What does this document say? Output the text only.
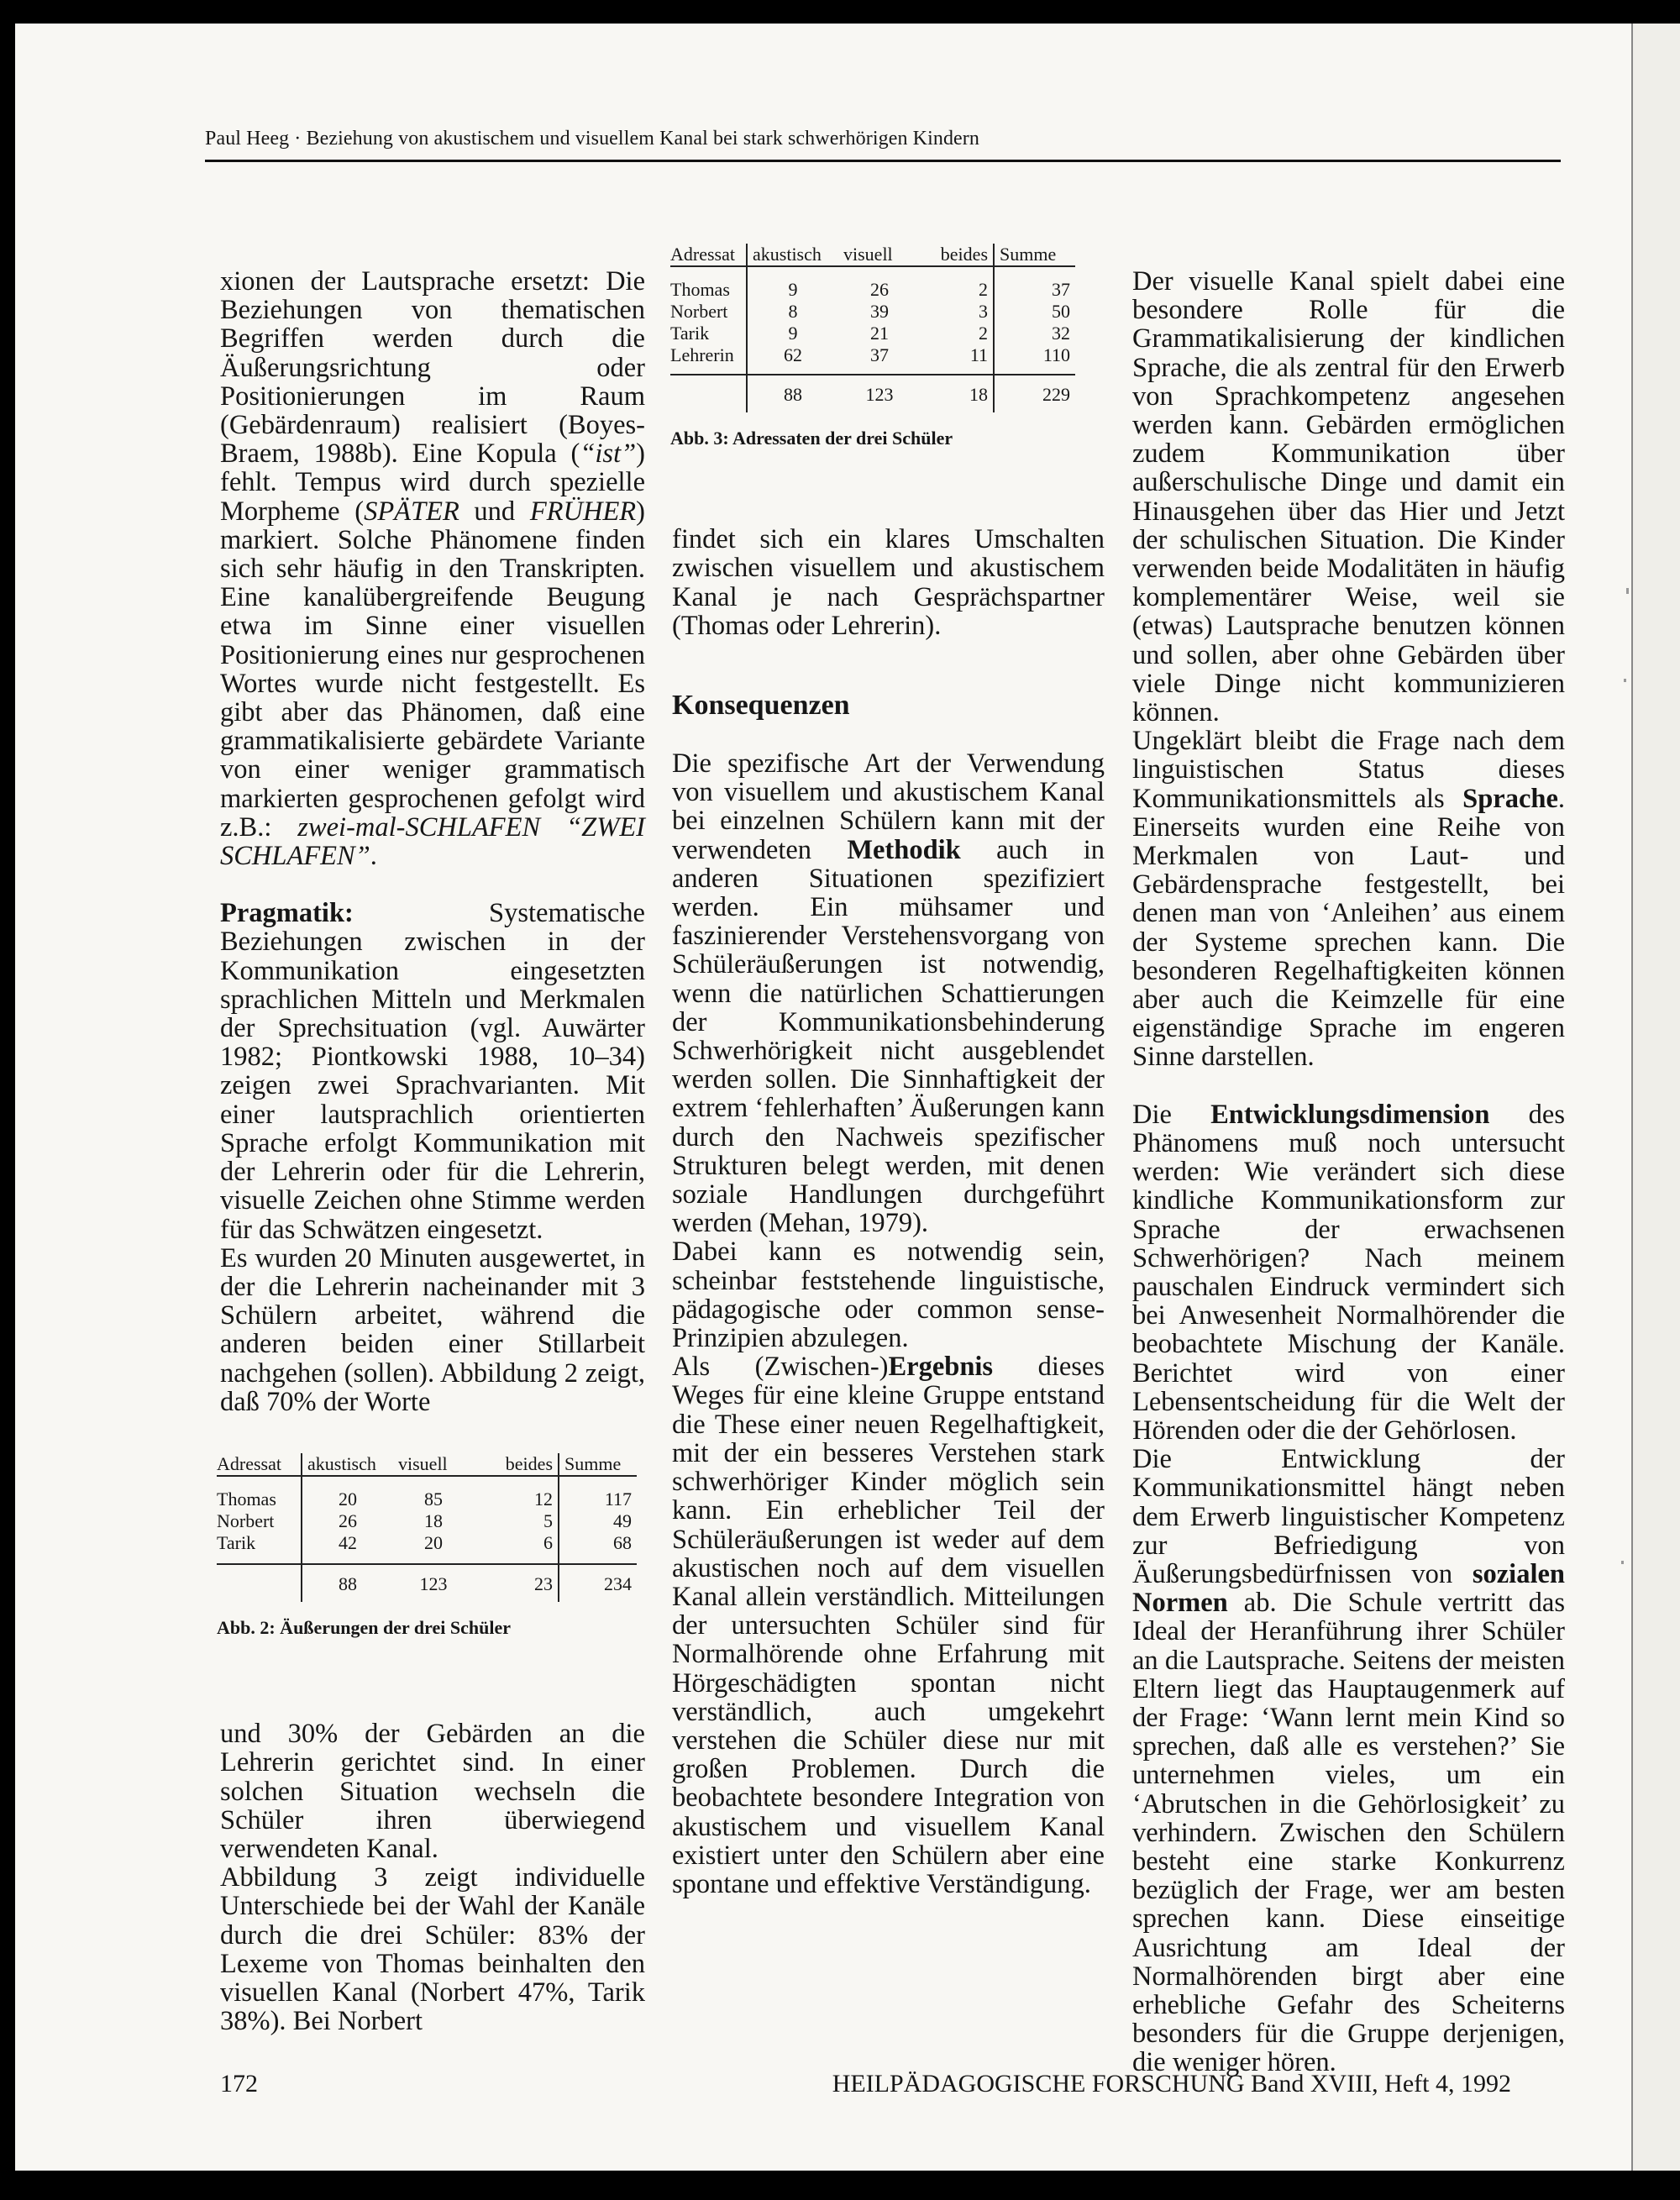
Paul Heeg · Beziehung von akustischem und visuellem Kanal bei stark schwerhörigen Kindern

xionen der Lautsprache ersetzt: Die Beziehungen von thematischen Begriffen werden durch die Äußerungsrichtung oder Positionierungen im Raum (Gebärdenraum) realisiert (Boyes-Braem, 1988b). Eine Kopula (“ist”) fehlt. Tempus wird durch spezielle Morpheme (SPÄTER und FRÜHER) markiert. Solche Phänomene finden sich sehr häufig in den Transkripten. Eine kanalübergreifende Beugung etwa im Sinne einer visuellen Positionierung eines nur gesprochenen Wortes wurde nicht festgestellt. Es gibt aber das Phänomen, daß eine grammatikalisierte gebärdete Variante von einer weniger grammatisch markierten gesprochenen gefolgt wird z.B.: zwei-mal-SCHLAFEN “ZWEI SCHLAFEN”.

Pragmatik: Systematische Beziehungen zwischen in der Kommunikation eingesetzten sprachlichen Mitteln und Merkmalen der Sprechsituation (vgl. Auwärter 1982; Piontkowski 1988, 10–34) zeigen zwei Sprachvarianten. Mit einer lautsprachlich orientierten Sprache erfolgt Kommunikation mit der Lehrerin oder für die Lehrerin, visuelle Zeichen ohne Stimme werden für das Schwätzen eingesetzt.

Es wurden 20 Minuten ausgewertet, in der die Lehrerin nacheinander mit 3 Schülern arbeitet, während die anderen beiden einer Stillarbeit nachgehen (sollen). Abbildung 2 zeigt, daß 70% der Worte

Adressat	akustisch	visuell	beides	Summe

Thomas	20	85	12	117
Norbert	26	18	5	49
Tarik	42	20	6	68

	88	123	23	234

Abb. 2: Äußerungen der drei Schüler

und 30% der Gebärden an die Lehrerin gerichtet sind. In einer solchen Situation wechseln die Schüler ihren überwiegend verwendeten Kanal.

Abbildung 3 zeigt individuelle Unterschiede bei der Wahl der Kanäle durch die drei Schüler: 83% der Lexeme von Thomas beinhalten den visuellen Kanal (Norbert 47%, Tarik 38%). Bei Norbert

Adressat	akustisch	visuell	beides	Summe

Thomas	9	26	2	37
Norbert	8	39	3	50
Tarik	9	21	2	32
Lehrerin	62	37	11	110

	88	123	18	229

Abb. 3: Adressaten der drei Schüler

findet sich ein klares Umschalten zwischen visuellem und akustischem Kanal je nach Gesprächspartner (Thomas oder Lehrerin).

Konsequenzen

Die spezifische Art der Verwendung von visuellem und akustischem Kanal bei einzelnen Schülern kann mit der verwendeten Methodik auch in anderen Situationen spezifiziert werden. Ein mühsamer und faszinierender Verstehensvorgang von Schüleräußerungen ist notwendig, wenn die natürlichen Schattierungen der Kommunikationsbehinderung Schwerhörigkeit nicht ausgeblendet werden sollen. Die Sinnhaftigkeit der extrem ‘fehlerhaften’ Äußerungen kann durch den Nachweis spezifischer Strukturen belegt werden, mit denen soziale Handlungen durchgeführt werden (Mehan, 1979).

Dabei kann es notwendig sein, scheinbar feststehende linguistische, pädagogische oder common sense-Prinzipien abzulegen.

Als (Zwischen-)Ergebnis dieses Weges für eine kleine Gruppe entstand die These einer neuen Regelhaftigkeit, mit der ein besseres Verstehen stark schwerhöriger Kinder möglich sein kann. Ein erheblicher Teil der Schüleräußerungen ist weder auf dem akustischen noch auf dem visuellen Kanal allein verständlich. Mitteilungen der untersuchten Schüler sind für Normalhörende ohne Erfahrung mit Hörgeschädigten spontan nicht verständlich, auch umgekehrt verstehen die Schüler diese nur mit großen Problemen. Durch die beobachtete besondere Integration von akustischem und visuellem Kanal existiert unter den Schülern aber eine spontane und effektive Verständigung.

Der visuelle Kanal spielt dabei eine besondere Rolle für die Grammatikalisierung der kindlichen Sprache, die als zentral für den Erwerb von Sprachkompetenz angesehen werden kann. Gebärden ermöglichen zudem Kommunikation über außerschulische Dinge und damit ein Hinausgehen über das Hier und Jetzt der schulischen Situation. Die Kinder verwenden beide Modalitäten in häufig komplementärer Weise, weil sie (etwas) Lautsprache benutzen können und sollen, aber ohne Gebärden über viele Dinge nicht kommunizieren können.

Ungeklärt bleibt die Frage nach dem linguistischen Status dieses Kommunikationsmittels als Sprache. Einerseits wurden eine Reihe von Merkmalen von Laut- und Gebärdensprache festgestellt, bei denen man von ‘Anleihen’ aus einem der Systeme sprechen kann. Die besonderen Regelhaftigkeiten können aber auch die Keimzelle für eine eigenständige Sprache im engeren Sinne darstellen.

Die Entwicklungsdimension des Phänomens muß noch untersucht werden: Wie verändert sich diese kindliche Kommunikationsform zur Sprache der erwachsenen Schwerhörigen? Nach meinem pauschalen Eindruck vermindert sich bei Anwesenheit Normalhörender die beobachtete Mischung der Kanäle. Berichtet wird von einer Lebensentscheidung für die Welt der Hörenden oder die der Gehörlosen.

Die Entwicklung der Kommunikationsmittel hängt neben dem Erwerb linguistischer Kompetenz zur Befriedigung von Äußerungsbedürfnissen von sozialen Normen ab. Die Schule vertritt das Ideal der Heranführung ihrer Schüler an die Lautsprache. Seitens der meisten Eltern liegt das Hauptaugenmerk auf der Frage: ‘Wann lernt mein Kind so sprechen, daß alle es verstehen?’ Sie unternehmen vieles, um ein ‘Abrutschen in die Gehörlosigkeit’ zu verhindern. Zwischen den Schülern besteht eine starke Konkurrenz bezüglich der Frage, wer am besten sprechen kann. Diese einseitige Ausrichtung am Ideal der Normalhörenden birgt aber eine erhebliche Gefahr des Scheiterns besonders für die Gruppe derjenigen, die weniger hören.

172	HEILPÄDAGOGISCHE FORSCHUNG Band XVIII, Heft 4, 1992
